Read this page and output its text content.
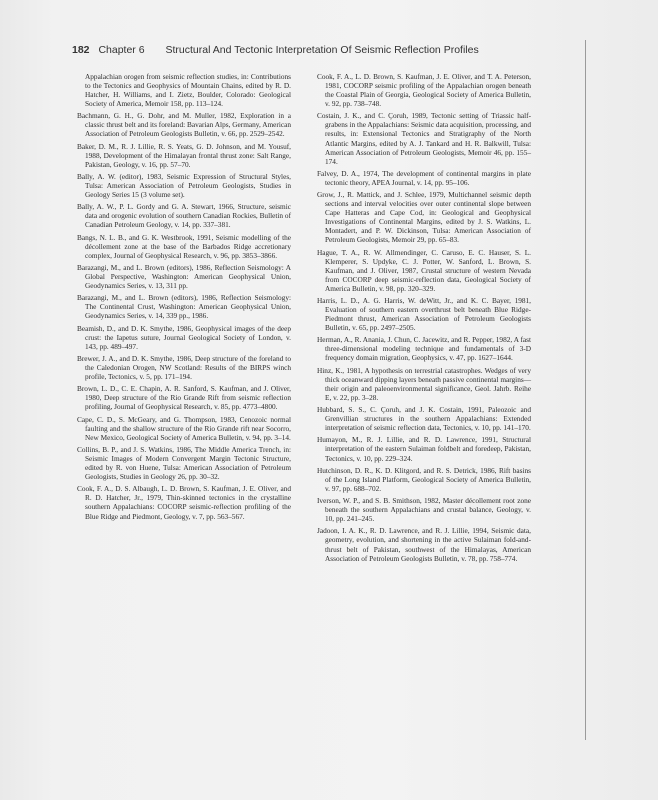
182 Chapter 6 Structural And Tectonic Interpretation Of Seismic Reflection Profiles

Appalachian orogen from seismic reflection studies, in: Contributions to the Tectonics and Geophysics of Mountain Chains, edited by R. D. Hatcher, H. Williams, and I. Zietz, Boulder, Colorado: Geological Society of America, Memoir 158, pp. 113–124.

Bachmann, G. H., G. Dohr, and M. Muller, 1982, Exploration in a classic thrust belt and its foreland: Bavarian Alps, Germany, American Association of Petroleum Geologists Bulletin, v. 66, pp. 2529–2542.

Baker, D. M., R. J. Lillie, R. S. Yeats, G. D. Johnson, and M. Yousuf, 1988, Development of the Himalayan frontal thrust zone: Salt Range, Pakistan, Geology, v. 16, pp. 57–70.

Bally, A. W. (editor), 1983, Seismic Expression of Structural Styles, Tulsa: American Association of Petroleum Geologists, Studies in Geology Series 15 (3 volume set).

Bally, A. W., P. L. Gordy and G. A. Stewart, 1966, Structure, seismic data and orogenic evolution of southern Canadian Rockies, Bulletin of Canadian Petroleum Geology, v. 14, pp. 337–381.

Bangs, N. L. B., and G. K. Westbrook, 1991, Seismic modelling of the décollement zone at the base of the Barbados Ridge accretionary complex, Journal of Geophysical Research, v. 96, pp. 3853–3866.

Barazangi, M., and L. Brown (editors), 1986, Reflection Seismology: A Global Perspective, Washington: American Geophysical Union, Geodynamics Series, v. 13, 311 pp.

Barazangi, M., and L. Brown (editors), 1986, Reflection Seismology: The Continental Crust, Washington: American Geophysical Union, Geodynamics Series, v. 14, 339 pp., 1986.

Beamish, D., and D. K. Smythe, 1986, Geophysical images of the deep crust: the Iapetus suture, Journal Geological Society of London, v. 143, pp. 489–497.

Brewer, J. A., and D. K. Smythe, 1986, Deep structure of the foreland to the Caledonian Orogen, NW Scotland: Results of the BIRPS winch profile, Tectonics, v. 5, pp. 171–194.

Brown, L. D., C. E. Chapin, A. R. Sanford, S. Kaufman, and J. Oliver, 1980, Deep structure of the Rio Grande Rift from seismic reflection profiling, Journal of Geophysical Research, v. 85, pp. 4773–4800.

Cape, C. D., S. McGeary, and G. Thompson, 1983, Cenozoic normal faulting and the shallow structure of the Rio Grande rift near Socorro, New Mexico, Geological Society of America Bulletin, v. 94, pp. 3–14.

Collins, B. P., and J. S. Watkins, 1986, The Middle America Trench, in: Seismic Images of Modern Convergent Margin Tectonic Structure, edited by R. von Huene, Tulsa: American Association of Petroleum Geologists, Studies in Geology 26, pp. 30–32.

Cook, F. A., D. S. Albaugh, L. D. Brown, S. Kaufman, J. E. Oliver, and R. D. Hatcher, Jr., 1979, Thin-skinned tectonics in the crystalline southern Appalachians: COCORP seismic-reflection profiling of the Blue Ridge and Piedmont, Geology, v. 7, pp. 563–567.

Cook, F. A., L. D. Brown, S. Kaufman, J. E. Oliver, and T. A. Peterson, 1981, COCORP seismic profiling of the Appalachian orogen beneath the Coastal Plain of Georgia, Geological Society of America Bulletin, v. 92, pp. 738–748.

Costain, J. K., and C. Çoruh, 1989, Tectonic setting of Triassic half-grabens in the Appalachians: Seismic data acquisition, processing, and results, in: Extensional Tectonics and Stratigraphy of the North Atlantic Margins, edited by A. J. Tankard and H. R. Balkwill, Tulsa: American Association of Petroleum Geologists, Memoir 46, pp. 155–174.

Falvey, D. A., 1974, The development of continental margins in plate tectonic theory, APEA Journal, v. 14, pp. 95–106.

Grow, J., R. Mattick, and J. Schlee, 1979, Multichannel seismic depth sections and interval velocities over outer continental slope between Cape Hatteras and Cape Cod, in: Geological and Geophysical Investigations of Continental Margins, edited by J. S. Watkins, L. Montadert, and P. W. Dickinson, Tulsa: American Association of Petroleum Geologists, Memoir 29, pp. 65–83.

Hague, T. A., R. W. Allmendinger, C. Caruso, E. C. Hauser, S. L. Klemperer, S. Updyke, C. J. Potter, W. Sanford, L. Brown, S. Kaufman, and J. Oliver, 1987, Crustal structure of western Nevada from COCORP deep seismic-reflection data, Geological Society of America Bulletin, v. 98, pp. 320–329.

Harris, L. D., A. G. Harris, W. deWitt, Jr., and K. C. Bayer, 1981, Evaluation of southern eastern overthrust belt beneath Blue Ridge-Piedmont thrust, American Association of Petroleum Geologists Bulletin, v. 65, pp. 2497–2505.

Herman, A., R. Anania, J. Chun, C. Jacewitz, and R. Pepper, 1982, A fast three-dimensional modeling technique and fundamentals of 3-D frequency domain migration, Geophysics, v. 47, pp. 1627–1644.

Hinz, K., 1981, A hypothesis on terrestrial catastrophes. Wedges of very thick oceanward dipping layers beneath passive continental margins—their origin and paleoenvironmental significance, Geol. Jahrb. Reihe E, v. 22, pp. 3–28.

Hubbard, S. S., C. Çoruh, and J. K. Costain, 1991, Paleozoic and Grenvillian structures in the southern Appalachians: Extended interpretation of seismic reflection data, Tectonics, v. 10, pp. 141–170.

Humayon, M., R. J. Lillie, and R. D. Lawrence, 1991, Structural interpretation of the eastern Sulaiman foldbelt and foredeep, Pakistan, Tectonics, v. 10, pp. 229–324.

Hutchinson, D. R., K. D. Klitgord, and R. S. Detrick, 1986, Rift basins of the Long Island Platform, Geological Society of America Bulletin, v. 97, pp. 688–702.

Iverson, W. P., and S. B. Smithson, 1982, Master décollement root zone beneath the southern Appalachians and crustal balance, Geology, v. 10, pp. 241–245.

Jadoon, I. A. K., R. D. Lawrence, and R. J. Lillie, 1994, Seismic data, geometry, evolution, and shortening in the active Sulaiman fold-and-thrust belt of Pakistan, southwest of the Himalayas, American Association of Petroleum Geologists Bulletin, v. 78, pp. 758–774.
